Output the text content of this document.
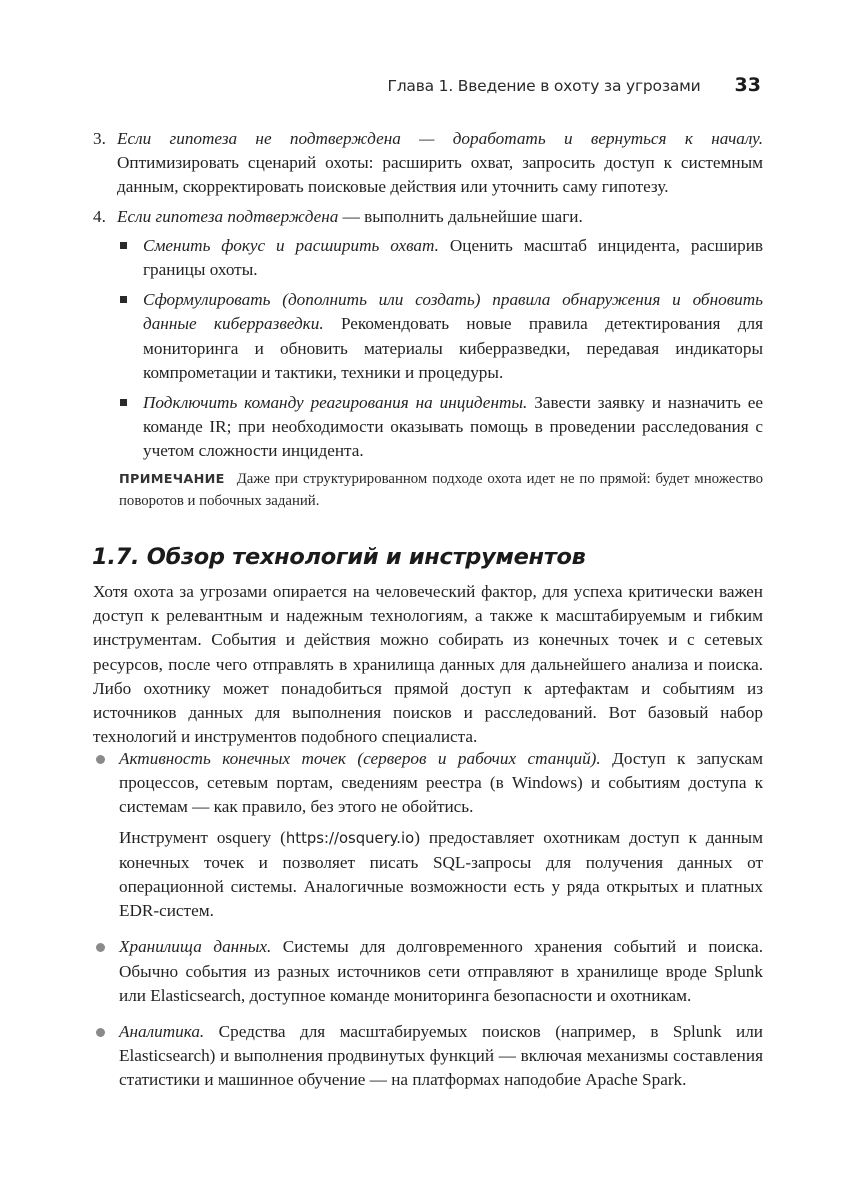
Глава 1. Введение в охоту за угрозами 33
3. Если гипотеза не подтверждена — доработать и вернуться к началу. Оптимизировать сценарий охоты: расширить охват, запросить доступ к системным данным, скорректировать поисковые действия или уточнить саму гипотезу.
4. Если гипотеза подтверждена — выполнить дальнейшие шаги.
Сменить фокус и расширить охват. Оценить масштаб инцидента, расширив границы охоты.
Сформулировать (дополнить или создать) правила обнаружения и обновить данные киберразведки. Рекомендовать новые правила детектирования для мониторинга и обновить материалы киберразведки, передавая индикаторы компрометации и тактики, техники и процедуры.
Подключить команду реагирования на инциденты. Завести заявку и назначить ее команде IR; при необходимости оказывать помощь в проведении расследования с учетом сложности инцидента.
ПРИМЕЧАНИЕ Даже при структурированном подходе охота идет не по прямой: будет множество поворотов и побочных заданий.
1.7. Обзор технологий и инструментов

Хотя охота за угрозами опирается на человеческий фактор, для успеха критически важен доступ к релевантным и надежным технологиям, а также к масштабируемым и гибким инструментам. События и действия можно собирать из конечных точек и с сетевых ресурсов, после чего отправлять в хранилища данных для дальнейшего анализа и поиска. Либо охотнику может понадобиться прямой доступ к артефактам и событиям из источников данных для выполнения поисков и расследований. Вот базовый набор технологий и инструментов подобного специалиста.

Активность конечных точек (серверов и рабочих станций). Доступ к запускам процессов, сетевым портам, сведениям реестра (в Windows) и событиям доступа к системам — как правило, без этого не обойтись.

Инструмент osquery (https://osquery.io) предоставляет охотникам доступ к данным конечных точек и позволяет писать SQL-запросы для получения данных от операционной системы. Аналогичные возможности есть у ряда открытых и платных EDR-систем.

Хранилища данных. Системы для долговременного хранения событий и поиска. Обычно события из разных источников сети отправляют в хранилище вроде Splunk или Elasticsearch, доступное команде мониторинга безопасности и охотникам.

Аналитика. Средства для масштабируемых поисков (например, в Splunk или Elasticsearch) и выполнения продвинутых функций — включая механизмы составления статистики и машинное обучение — на платформах наподобие Apache Spark.
